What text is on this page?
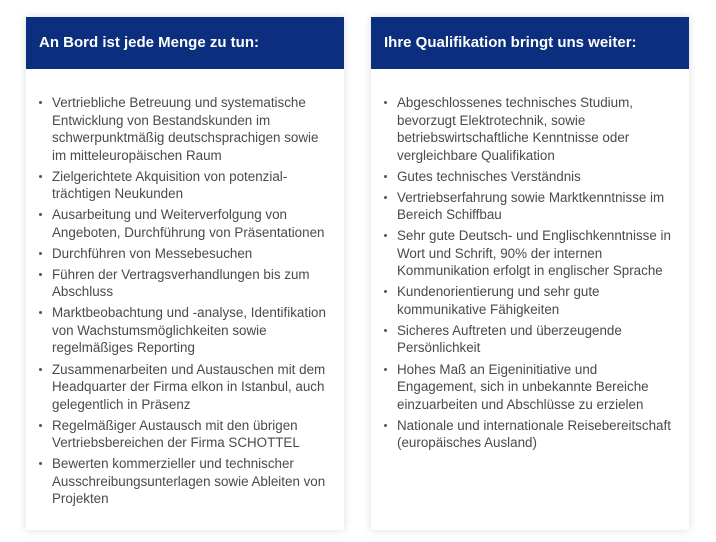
An Bord ist jede Menge zu tun:
Vertriebliche Betreuung und systematische Entwicklung von Bestandskunden im schwerpunktmäßig deutschsprachigen sowie im mitteleuropäischen Raum
Zielgerichtete Akquisition von potenzial-trächtigen Neukunden
Ausarbeitung und Weiterverfolgung von Angeboten, Durchführung von Präsentationen
Durchführen von Messebesuchen
Führen der Vertragsverhandlungen bis zum Abschluss
Marktbeobachtung und -analyse, Identifikation von Wachstumsmöglichkeiten sowie regelmäßiges Reporting
Zusammenarbeiten und Austauschen mit dem Headquarter der Firma elkon in Istanbul, auch gelegentlich in Präsenz
Regelmäßiger Austausch mit den übrigen Vertriebsbereichen der Firma SCHOTTEL
Bewerten kommerzieller und technischer Ausschreibungsunterlagen sowie Ableiten von Projekten
Ihre Qualifikation bringt uns weiter:
Abgeschlossenes technisches Studium, bevorzugt Elektrotechnik, sowie betriebswirtschaftliche Kenntnisse oder vergleichbare Qualifikation
Gutes technisches Verständnis
Vertriebserfahrung sowie Marktkenntnisse im Bereich Schiffbau
Sehr gute Deutsch- und Englischkenntnisse in Wort und Schrift, 90% der internen Kommunikation erfolgt in englischer Sprache
Kundenorientierung und sehr gute kommunikative Fähigkeiten
Sicheres Auftreten und überzeugende Persönlichkeit
Hohes Maß an Eigeninitiative und Engagement, sich in unbekannte Bereiche einzuarbeiten und Abschlüsse zu erzielen
Nationale und internationale Reisebereitschaft (europäisches Ausland)
